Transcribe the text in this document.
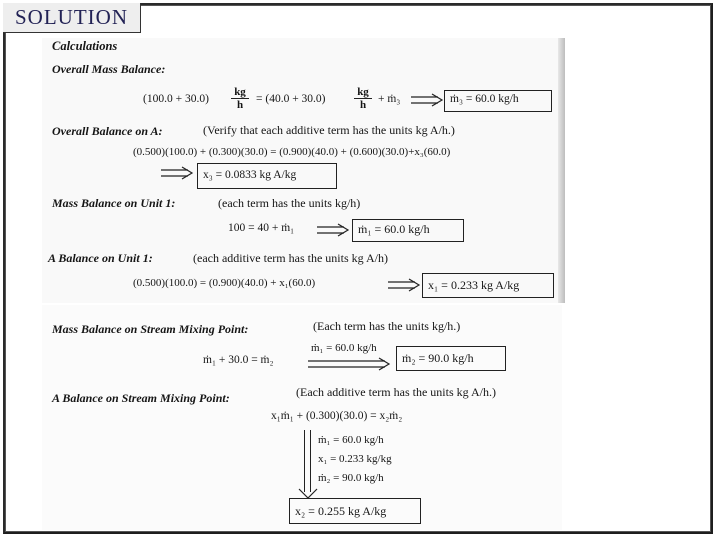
SOLUTION
Calculations
Overall Mass Balance:
$(100.0 + 30.0) \frac{kg}{h} = (40.0 + 30.0)$	$\frac{kg}{h}$ + ṁ₃	ṁ₃ = 60.0 kg/h
Overall Balance on A:	(Verify that each additive term has the units kg A/h.)
(0.500)(100.0) + (0.300)(30.0) = (0.900)(40.0) + (0.600)(30.0)+x₃(60.0)
x₃ = 0.0833 kg A/kg
Mass Balance on Unit 1:	(each term has the units kg/h)
100 = 40 + ṁ₁	ṁ₁ = 60.0 kg/h
A Balance on Unit 1:	(each additive term has the units kg A/h)
(0.500)(100.0) = (0.900)(40.0) + x₁(60.0)	x₁ = 0.233 kg A/kg
Mass Balance on Stream Mixing Point:	(Each term has the units kg/h.)
ṁ₁ = 60.0 kg/h
ṁ₁ + 30.0 = ṁ₂	ṁ₂ = 90.0 kg/h
A Balance on Stream Mixing Point:	(Each additive term has the units kg A/h.)
x₁ṁ₁ + (0.300)(30.0) = x₂ṁ₂
ṁ₁ = 60.0 kg/h
x₁ = 0.233 kg/kg
ṁ₂ = 90.0 kg/h
x₂ = 0.255 kg A/kg
